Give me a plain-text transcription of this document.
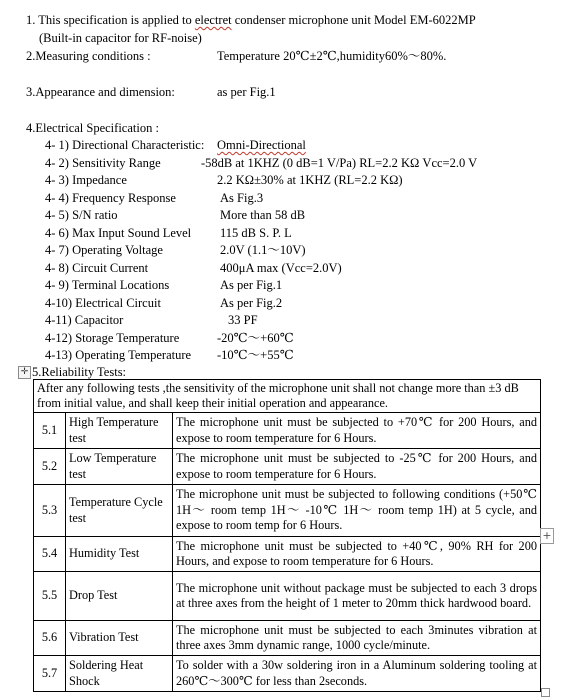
1. This specification is applied to electret condenser microphone unit Model EM-6022MP
(Built-in capacitor for RF-noise)
2.Measuring conditions :	Temperature 20℃±2℃,humidity60%～80%.
3.Appearance and dimension:	as per Fig.1
4.Electrical Specification :
4- 1) Directional Characteristic: Omni-Directional
4- 2) Sensitivity Range	-58dB at 1KHZ (0 dB=1 V/Pa) RL=2.2 KΩ Vcc=2.0 V
4- 3) Impedance	2.2 KΩ±30% at 1KHZ (RL=2.2 KΩ)
4- 4) Frequency Response	As Fig.3
4- 5) S/N ratio	More than 58 dB
4- 6) Max Input Sound Level 115 dB S. P. L
4- 7) Operating Voltage	2.0V (1.1～10V)
4- 8) Circuit Current	400μA max (Vcc=2.0V)
4- 9) Terminal Locations	As per Fig.1
4-10) Electrical Circuit	As per Fig.2
4-11) Capacitor	33 PF
4-12) Storage Temperature	-20℃～+60℃
4-13) Operating Temperature -10℃～+55℃
✛ 5.Reliability Tests:
After any following tests ,the sensitivity of the microphone unit shall not change more than ±3 dB from initial value, and shall keep their initial operation and appearance.		
5.1	High Temperature test	The microphone unit must be subjected to +70℃ for 200 Hours, and expose to room temperature for 6 Hours.
5.2	Low Temperature test	The microphone unit must be subjected to -25℃ for 200 Hours, and expose to room temperature for 6 Hours.
5.3	Temperature Cycle test	The microphone unit must be subjected to following conditions (+50℃ 1H～ room temp 1H～ -10℃ 1H～ room temp 1H) at 5 cycle, and expose to room temp for 6 Hours.
5.4	Humidity Test	The microphone unit must be subjected to +40℃, 90% RH for 200 Hours, and expose to room temperature for 6 Hours.
5.5	Drop Test	The microphone unit without package must be subjected to each 3 drops at three axes from the height of 1 meter to 20mm thick hardwood board.
5.6	Vibration Test	The microphone unit must be subjected to each 3minutes vibration at three axes 3mm dynamic range, 1000 cycle/minute.
5.7	Soldering Heat Shock	To solder with a 30w soldering iron in a Aluminum soldering tooling at 260℃～300℃ for less than 2seconds.
+
